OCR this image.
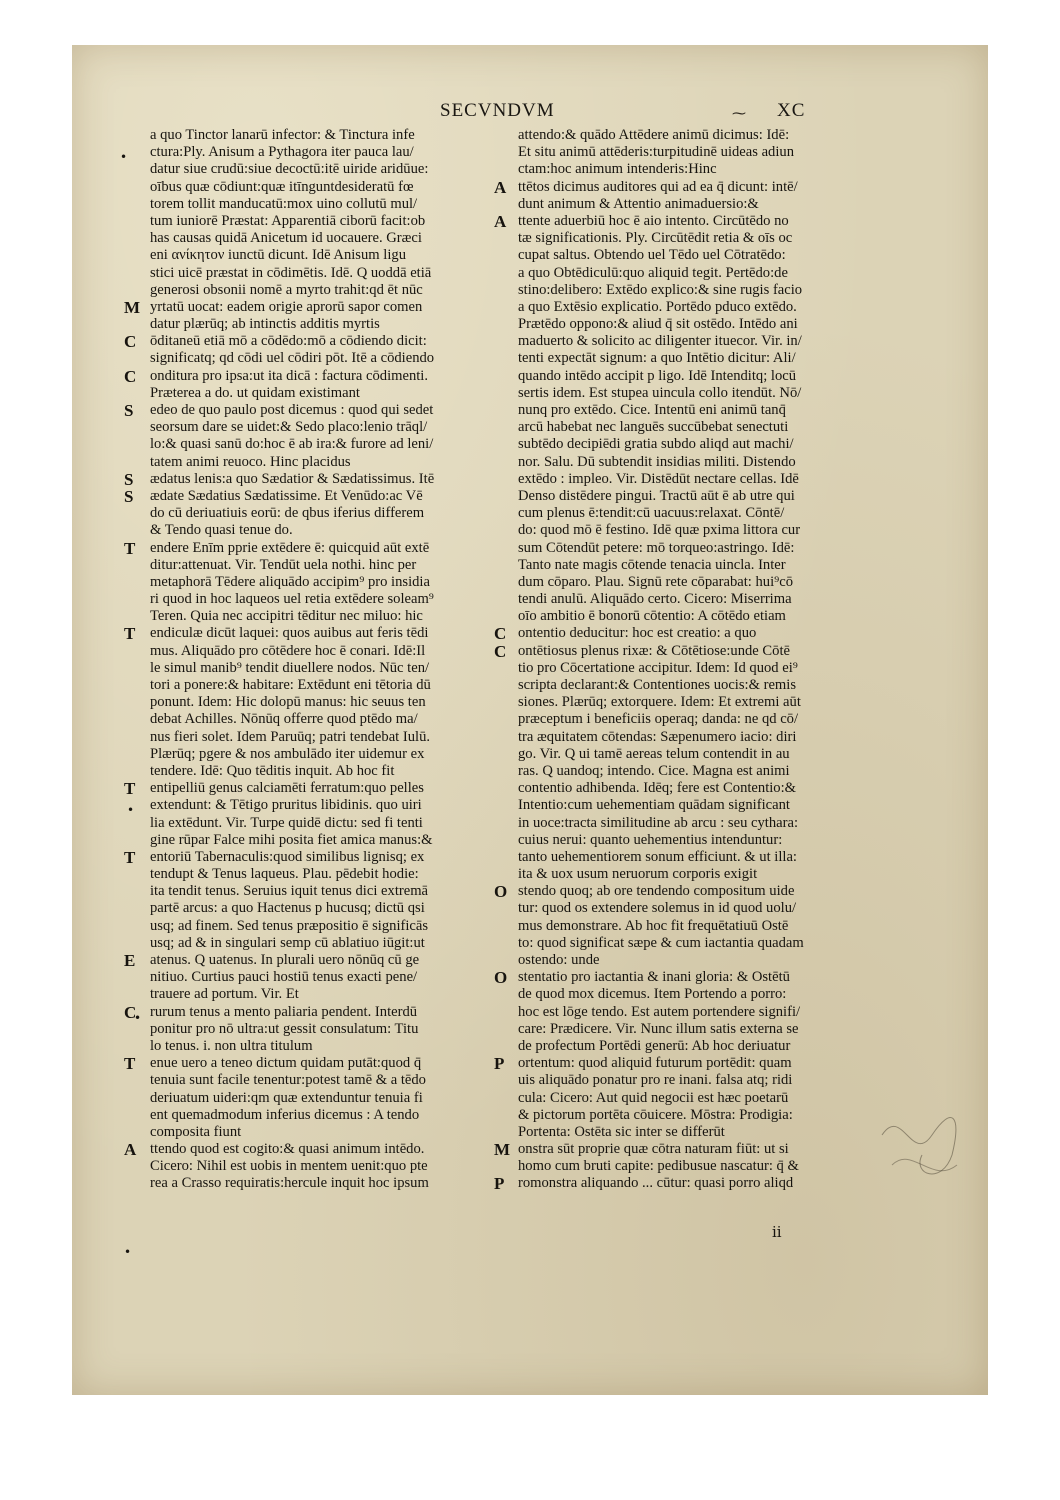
SECVNDVM	⁓ XC
a quo Tinctor lanarū infector: & Tinctura infe
ctura:Ply. Anisum a Pythagora iter pauca lau/
datur siue crudū:siue decoctū:itē uiride aridūue:
oībus quæ cōdiunt:quæ itīnguntdesideratū fœ
torem tollit manducatū:mox uino collutū mul/
tum iuniorē Præstat: Apparentiā ciborū facit:ob
has causas quidā Anicetum id uocauere. Græci
eni ανίκητον iunctū dicunt. Idē Anisum ligu
stici uicē præstat in cōdimētis. Idē. Q uoddā etiā
generosi obsonii nomē a myrto trahit:qd ēt nūc
M yrtatū uocat: eadem origie aprorū sapor comen
datur plærūq; ab intinctis additis myrtis
C ōditaneū etiā mō a cōdēdo:mō a cōdiendo dicit:
significatq; qd cōdi uel cōdiri pōt. Itē a cōdiendo
C onditura pro ipsa:ut ita dicā : factura cōdimenti.
Præterea a do. ut quidam existimant
S edeo de quo paulo post dicemus : quod qui sedet
seorsum dare se uidet:& Sedo placo:lenio trāql/
lo:& quasi sanū do:hoc ē ab ira:& furore ad leni/
tatem animi reuoco. Hinc placidus
S ædatus lenis:a quo Sædatior & Sædatissimus. Itē
S ædate Sædatius Sædatissime. Et Venūdo:ac Vē
do cū deriuatiuis eorū: de qbus iferius differem
& Tendo quasi tenue do.
T endere Enīm pprie extēdere ē: quicquid aūt extē
ditur:attenuat. Vir. Tendūt uela nothi. hinc per
metaphorā Tēdere aliquādo accipim⁹ pro insidia
ri quod in hoc laqueos uel retia extēdere soleam⁹
Teren. Quia nec accipitri tēditur nec miluo: hic
T endiculæ dicūt laquei: quos auibus aut feris tēdi
mus. Aliquādo pro cōtēdere hoc ē conari. Idē:Il
le simul manib⁹ tendit diuellere nodos. Nūc ten/
tori a ponere:& habitare: Extēdunt eni tētoria dū
ponunt. Idem: Hic dolopū manus: hic seuus ten
debat Achilles. Nōnūq offerre quod ptēdo ma/
nus fieri solet. Idem Paruūq; patri tendebat Iulū.
Plærūq; pgere & nos ambulādo iter uidemur ex
tendere. Idē: Quo tēditis inquit. Ab hoc fit
T entipelliū genus calciamēti ferratum:quo pelles
extendunt: & Tētigo pruritus libidinis. quo uiri
lia extēdunt. Vir. Turpe quidē dictu: sed fi tenti
gine rūpar Falce mihi posita fiet amica manus:&
T entoriū Tabernaculis:quod similibus lignisq; ex
tendupt & Tenus laqueus. Plau. pēdebit hodie:
ita tendit tenus. Seruius iquit tenus dici extremā
partē arcus: a quo Hactenus p hucusq; dictū qsi
usq; ad finem. Sed tenus præpositio ē significās
usq; ad & in singulari semp cū ablatiuo iūgit:ut
E atenus. Q uatenus. In plurali uero nōnūq cū ge
nitiuo. Curtius pauci hostiū tenus exacti pene/
trauere ad portum. Vir. Et
C rurum tenus a mento paliaria pendent. Interdū
ponitur pro nō ultra:ut gessit consulatum: Titu
lo tenus. i. non ultra titulum
T enue uero a teneo dictum quidam putāt:quod q̄
tenuia sunt facile tenentur:potest tamē & a tēdo
deriuatum uideri:qm quæ extenduntur tenuia fi
ent quemadmodum inferius dicemus : A tendo
composita fiunt
A ttendo quod est cogito:& quasi animum intēdo.
Cicero: Nihil est uobis in mentem uenit:quo pte
rea a Crasso requiratis:hercule inquit hoc ipsum
attendo:& quādo Attēdere animū dicimus: Idē:
Et situ animū attēderis:turpitudinē uideas adiun
ctam:hoc animum intenderis:Hinc
A ttētos dicimus auditores qui ad ea q̄ dicunt: intē/
dunt animum & Attentio animaduersio:&
A ttente aduerbiū hoc ē aio intento. Circūtēdo no
tæ significationis. Ply. Circūtēdit retia & oīs oc
cupat saltus. Obtendo uel Tēdo uel Cōtratēdo:
a quo Obtēdiculū:quo aliquid tegit. Pertēdo:de
stino:delibero: Extēdo explico:& sine rugis facio
a quo Extēsio explicatio. Portēdo pduco extēdo.
Prætēdo oppono:& aliud q̄ sit ostēdo. Intēdo ani
maduerto & solicito ac diligenter ituecor. Vir. in/
tenti expectāt signum: a quo Intētio dicitur: Ali/
quando intēdo accipit p ligo. Idē Intenditq; locū
sertis idem. Est stupea uincula collo itendūt. Nō/
nunq pro extēdo. Cice. Intentū eni animū tanq̄
arcū habebat nec languēs succūbebat senectuti
subtēdo decipiēdi gratia subdo aliqd aut machi/
nor. Salu. Dū subtendit insidias militi. Distendo
extēdo : impleo. Vir. Distēdūt nectare cellas. Idē
Denso distēdere pingui. Tractū aūt ē ab utre qui
cum plenus ē:tendit:cū uacuus:relaxat. Cōntē/
do: quod mō ē festino. Idē quæ pxima littora cur
sum Cōtendūt petere: mō torqueo:astringo. Idē:
Tanto nate magis cōtende tenacia uincla. Inter
dum cōparo. Plau. Signū rete cōparabat: hui⁹cō
tendi anulū. Aliquādo certo. Cicero: Miserrima
oīo ambitio ē bonorū cōtentio: A cōtēdo etiam
C ontentio deducitur: hoc est creatio: a quo
C ontētiosus plenus rixæ: & Cōtētiose:unde Cōtē
tio pro Cōcertatione accipitur. Idem: Id quod ei⁹
scripta declarant:& Contentiones uocis:& remis
siones. Plærūq; extorquere. Idem: Et extremi aūt
præceptum i beneficiis operaq; danda: ne qd cō/
tra æquitatem cōtendas: Sæpenumero iacio: diri
go. Vir. Q ui tamē aereas telum contendit in au
ras. Q uandoq; intendo. Cice. Magna est animi
contentio adhibenda. Idēq; fere est Contentio:&
Intentio:cum uehementiam quādam significant
in uoce:tracta similitudine ab arcu : seu cythara:
cuius nerui: quanto uehementius intenduntur:
tanto uehementiorem sonum efficiunt. & ut illa:
ita & uox usum neruorum corporis exigit
O stendo quoq; ab ore tendendo compositum uide
tur: quod os extendere solemus in id quod uolu/
mus demonstrare. Ab hoc fit frequētatiuū Ostē
to: quod significat sæpe & cum iactantia quadam
ostendo: unde
O stentatio pro iactantia & inani gloria: & Ostētū
de quod mox dicemus. Item Portendo a porro:
hoc est lōge tendo. Est autem portendere signifi/
care: Prædicere. Vir. Nunc illum satis externa se
de profectum Portēdi generū: Ab hoc deriuatur
P ortentum: quod aliquid futurum portēdit: quam
uis aliquādo ponatur pro re inani. falsa atq; ridi
cula: Cicero: Aut quid negocii est hæc poetarū
& pictorum portēta cōuicere. Mōstra: Prodigia:
Portenta: Ostēta sic inter se differūt
M onstra sūt proprie quæ cōtra naturam fiūt: ut si
homo cum bruti capite: pedibusue nascatur: q̄ &
P romonstra aliquando ... cūtur: quasi porro aliqd
•
•
•
•
ii
